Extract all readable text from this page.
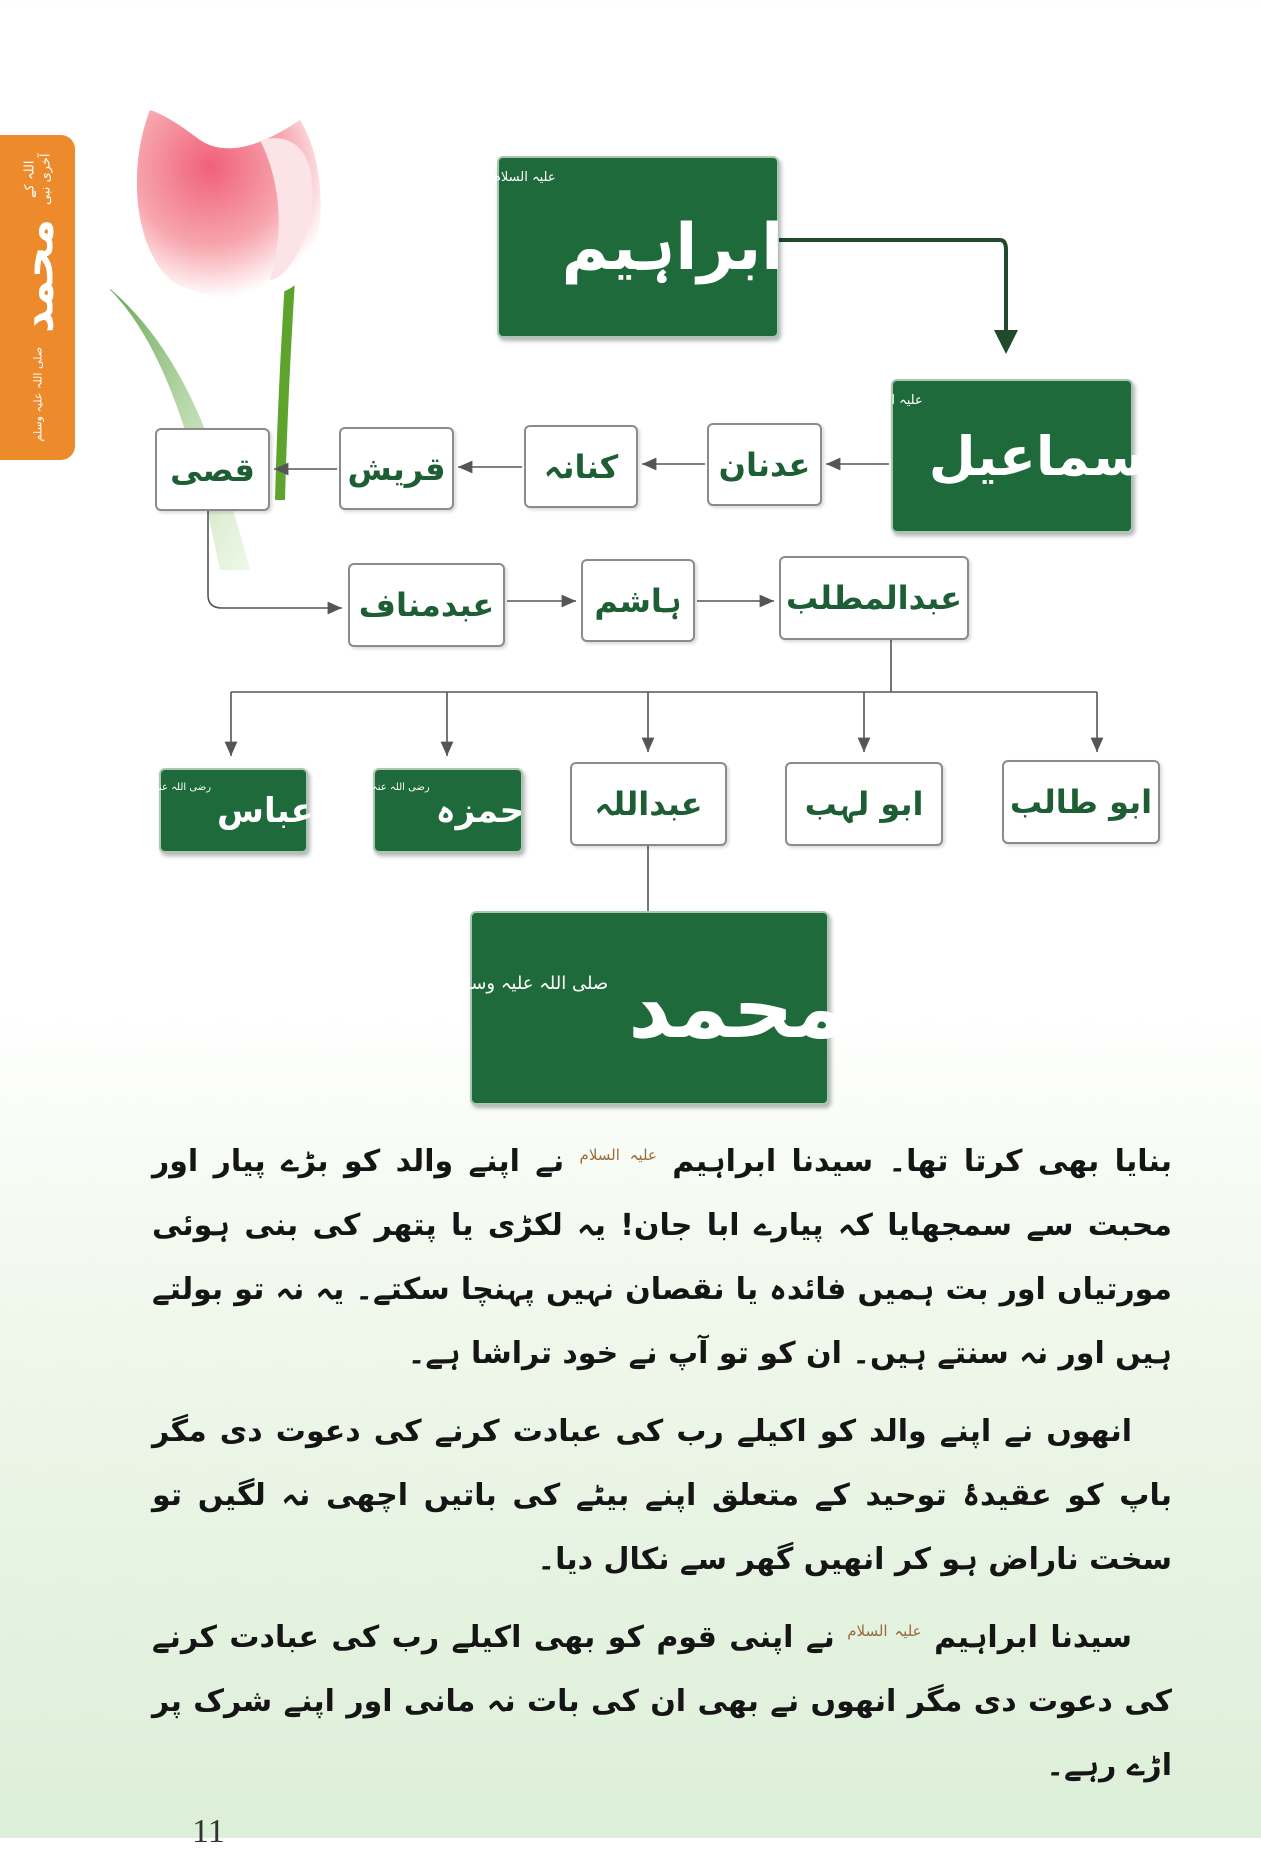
صلی اللہ علیہ وسلم
محمد
اللہ کے
آخری نبی
ابراہیم
علیہ السلام
اسماعیل
علیہ السلام
عدنان
کنانہ
قریش
قصی
عبدالمطلب
ہاشم
عبدمناف
ابو طالب
ابو لہب
عبداللہ
حمزہ
رضی اللہ عنہ
عباس
رضی اللہ عنہ
محمد
صلی اللہ علیہ وسلم

بنایا بھی کرتا تھا۔ سیدنا ابراہیم $^{علیہ السلام}$ نے اپنے والد کو بڑے پیار اور محبت سے سمجھایا کہ پیارے ابا جان! یہ لکڑی یا پتھر کی بنی ہوئی مورتیاں اور بت ہمیں فائدہ یا نقصان نہیں پہنچا سکتے۔ یہ نہ تو بولتے ہیں اور نہ سنتے ہیں۔ ان کو تو آپ نے خود تراشا ہے۔

انھوں نے اپنے والد کو اکیلے رب کی عبادت کرنے کی دعوت دی مگر باپ کو عقیدۂ توحید کے متعلق اپنے بیٹے کی باتیں اچھی نہ لگیں تو سخت ناراض ہو کر انھیں گھر سے نکال دیا۔

سیدنا ابراہیم $^{علیہ السلام}$ نے اپنی قوم کو بھی اکیلے رب کی عبادت کرنے کی دعوت دی مگر انھوں نے بھی ان کی بات نہ مانی اور اپنے شرک پر اڑے رہے۔

11
